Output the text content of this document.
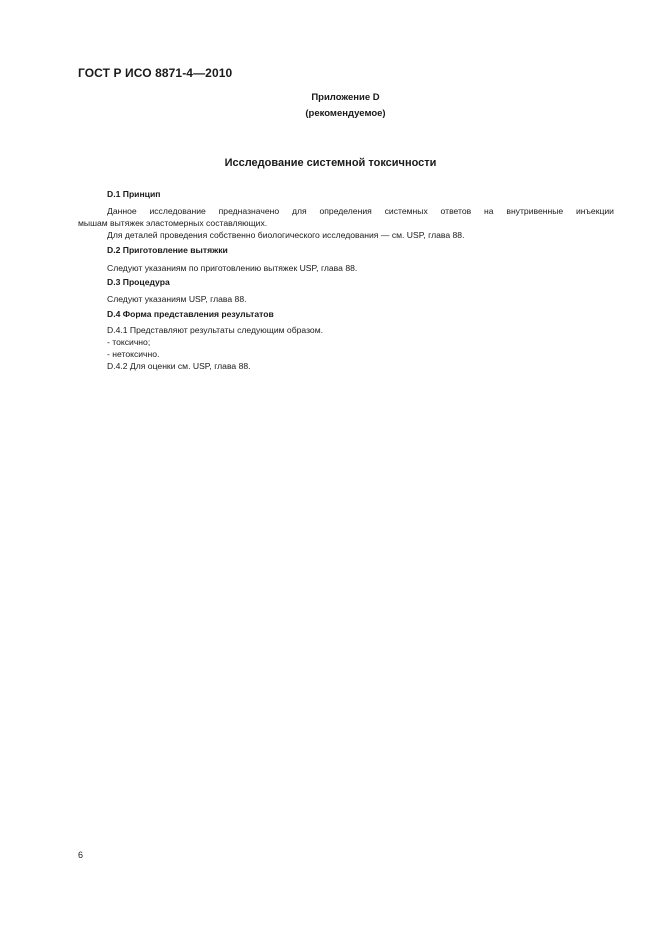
ГОСТ Р ИСО 8871-4—2010
Приложение D
(рекомендуемое)
Исследование системной токсичности
D.1 Принцип
Данное исследование предназначено для определения системных ответов на внутривенные инъекции
мышам вытяжек эластомерных составляющих.
Для деталей проведения собственно биологического исследования — см. USP, глава 88.
D.2 Приготовление вытяжки
Следуют указаниям по приготовлению вытяжек USP, глава 88.
D.3 Процедура
Следуют указаниям USP, глава 88.
D.4 Форма представления результатов
D.4.1 Представляют результаты следующим образом.
- токсично;
- нетоксично.
D.4.2 Для оценки см. USP, глава 88.
6
